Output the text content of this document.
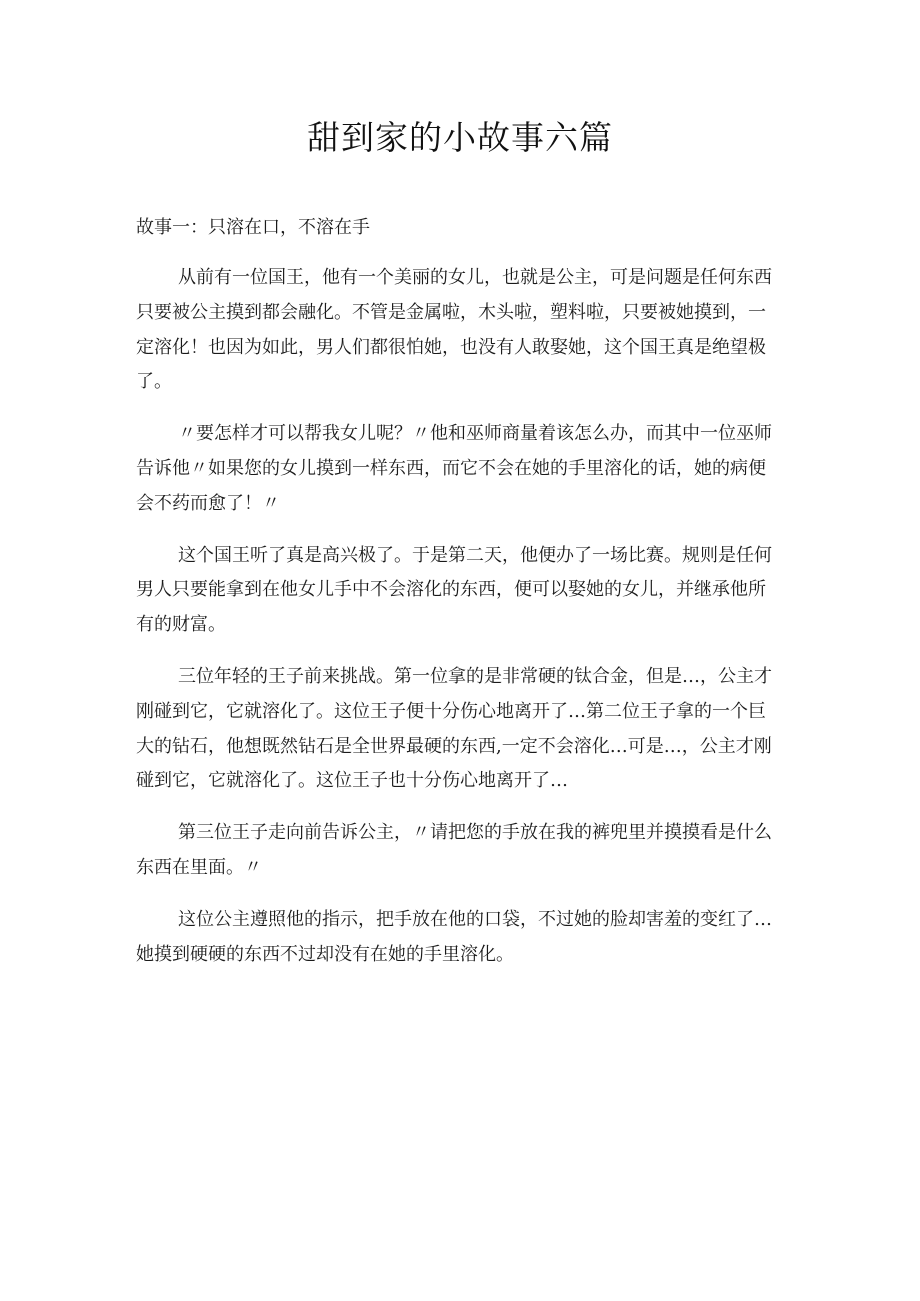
甜到家的小故事六篇

故事一：只溶在口，不溶在手

从前有一位国王，他有一个美丽的女儿，也就是公主，可是问题是任何东西
只要被公主摸到都会融化。不管是金属啦，木头啦，塑料啦，只要被她摸到，一
定溶化！也因为如此，男人们都很怕她，也没有人敢娶她，这个国王真是绝望极
了。
〃要怎样才可以帮我女儿呢？〃他和巫师商量着该怎么办，而其中一位巫师
告诉他〃如果您的女儿摸到一样东西，而它不会在她的手里溶化的话，她的病便
会不药而愈了！〃
这个国王听了真是高兴极了。于是第二天，他便办了一场比赛。规则是任何
男人只要能拿到在他女儿手中不会溶化的东西，便可以娶她的女儿，并继承他所
有的财富。
三位年轻的王子前来挑战。第一位拿的是非常硬的钛合金，但是…，公主才
刚碰到它，它就溶化了。这位王子便十分伤心地离开了…第二位王子拿的一个巨
大的钻石，他想既然钻石是全世界最硬的东西,一定不会溶化…可是…，公主才刚
碰到它，它就溶化了。这位王子也十分伤心地离开了…
第三位王子走向前告诉公主，〃请把您的手放在我的裤兜里并摸摸看是什么
东西在里面。〃
这位公主遵照他的指示，把手放在他的口袋，不过她的脸却害羞的变红了…
她摸到硬硬的东西不过却没有在她的手里溶化。
